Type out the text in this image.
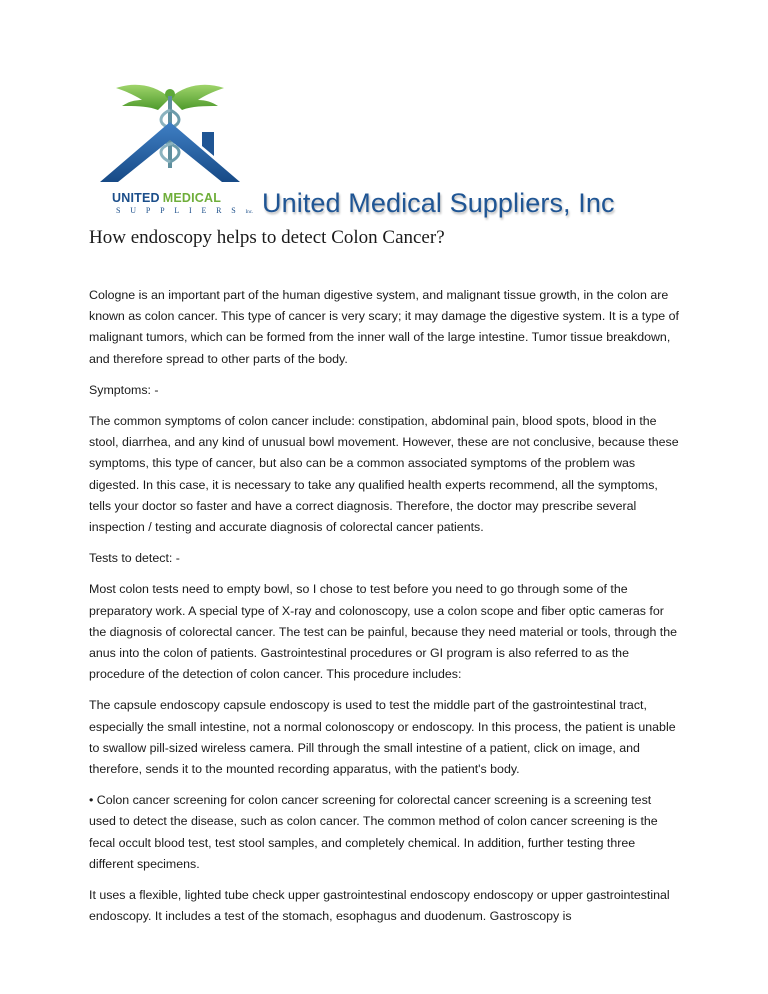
UNITED MEDICAL
SUPPLIERSInc. United Medical Suppliers, Inc
How endoscopy helps to detect Colon Cancer?

Cologne is an important part of the human digestive system, and malignant tissue growth, in the colon are known as colon cancer. This type of cancer is very scary; it may damage the digestive system. It is a type of malignant tumors, which can be formed from the inner wall of the large intestine. Tumor tissue breakdown, and therefore spread to other parts of the body.

Symptoms: -

The common symptoms of colon cancer include: constipation, abdominal pain, blood spots, blood in the stool, diarrhea, and any kind of unusual bowl movement. However, these are not conclusive, because these symptoms, this type of cancer, but also can be a common associated symptoms of the problem was digested. In this case, it is necessary to take any qualified health experts recommend, all the symptoms, tells your doctor so faster and have a correct diagnosis. Therefore, the doctor may prescribe several inspection / testing and accurate diagnosis of colorectal cancer patients.

Tests to detect: -

Most colon tests need to empty bowl, so I chose to test before you need to go through some of the preparatory work. A special type of X-ray and colonoscopy, use a colon scope and fiber optic cameras for the diagnosis of colorectal cancer. The test can be painful, because they need material or tools, through the anus into the colon of patients. Gastrointestinal procedures or GI program is also referred to as the procedure of the detection of colon cancer. This procedure includes:

The capsule endoscopy capsule endoscopy is used to test the middle part of the gastrointestinal tract, especially the small intestine, not a normal colonoscopy or endoscopy. In this process, the patient is unable to swallow pill-sized wireless camera. Pill through the small intestine of a patient, click on image, and therefore, sends it to the mounted recording apparatus, with the patient's body.

• Colon cancer screening for colon cancer screening for colorectal cancer screening is a screening test used to detect the disease, such as colon cancer. The common method of colon cancer screening is the fecal occult blood test, test stool samples, and completely chemical. In addition, further testing three different specimens.

It uses a flexible, lighted tube check upper gastrointestinal endoscopy endoscopy or upper gastrointestinal endoscopy. It includes a test of the stomach, esophagus and duodenum. Gastroscopy is
